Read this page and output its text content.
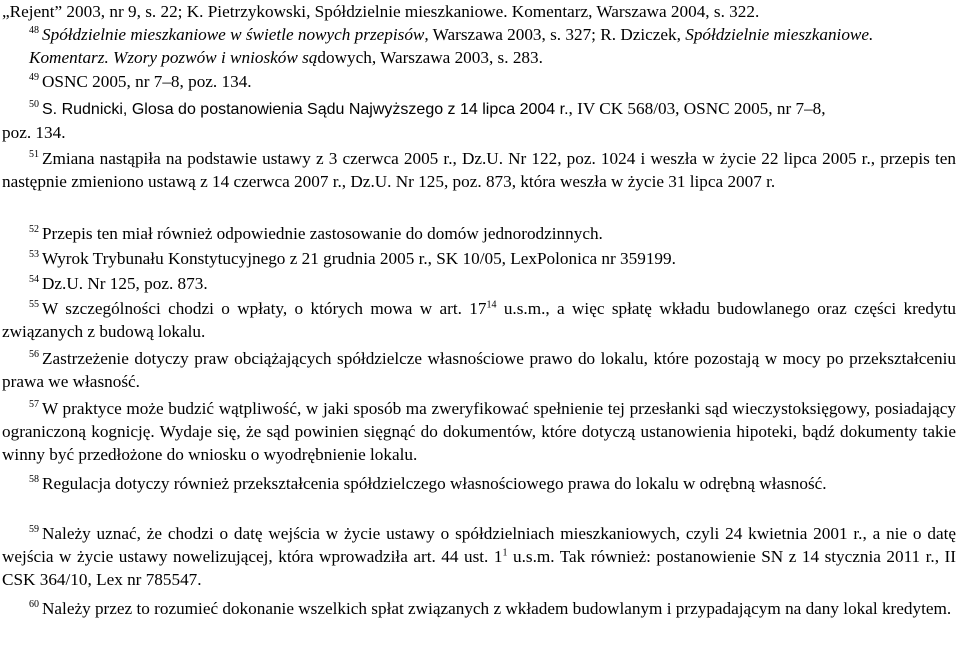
„Rejent” 2003, nr 9, s. 22; K. Pietrzykowski, Spółdzielnie mieszkaniowe. Komentarz, Warszawa 2004, s. 322.
$^{48}$ Spółdzielnie mieszkaniowe w świetle nowych przepisów, Warszawa 2003, s. 327; R. Dziczek, Spółdzielnie mieszkaniowe. Komentarz. Wzory pozwów i wniosków sądowych, Warszawa 2003, s. 283.
$^{49}$ OSNC 2005, nr 7–8, poz. 134.
$^{50}$ S. Rudnicki, Glosa do postanowienia Sądu Najwyższego z 14 lipca 2004 r., IV CK 568/03, OSNC 2005, nr 7–8,
poz. 134.
$^{51}$ Zmiana nastąpiła na podstawie ustawy z 3 czerwca 2005 r., Dz.U. Nr 122, poz. 1024 i weszła w życie 22 lipca 2005 r., przepis ten następnie zmieniono ustawą z 14 czerwca 2007 r., Dz.U. Nr 125, poz. 873, która weszła w życie 31 lipca 2007 r.
$^{52}$ Przepis ten miał również odpowiednie zastosowanie do domów jednorodzinnych.
$^{53}$ Wyrok Trybunału Konstytucyjnego z 21 grudnia 2005 r., SK 10/05, LexPolonica nr 359199.
$^{54}$ Dz.U. Nr 125, poz. 873.
$^{55}$ W szczególności chodzi o wpłaty, o których mowa w art. $17^{14}$ u.s.m., a więc spłatę wkładu budowlanego oraz części kredytu związanych z budową lokalu.
$^{56}$ Zastrzeżenie dotyczy praw obciążających spółdzielcze własnościowe prawo do lokalu, które pozostają w mocy po przekształceniu prawa we własność.
$^{57}$ W praktyce może budzić wątpliwość, w jaki sposób ma zweryfikować spełnienie tej przesłanki sąd wieczystoksięgowy, posiadający ograniczoną kognicję. Wydaje się, że sąd powinien sięgnąć do dokumentów, które dotyczą ustanowienia hipoteki, bądź dokumenty takie winny być przedłożone do wniosku o wyodrębnienie lokalu.
$^{58}$ Regulacja dotyczy również przekształcenia spółdzielczego własnościowego prawa do lokalu w odrębną własność.
$^{59}$ Należy uznać, że chodzi o datę wejścia w życie ustawy o spółdzielniach mieszkaniowych, czyli 24 kwietnia 2001 r., a nie o datę wejścia w życie ustawy nowelizującej, która wprowadziła art. 44 ust. $1^1$ u.s.m. Tak również: postanowienie SN z 14 stycznia 2011 r., II CSK 364/10, Lex nr 785547.
$^{60}$ Należy przez to rozumieć dokonanie wszelkich spłat związanych z wkładem budowlanym i przypadającym na dany lokal kredytem.
